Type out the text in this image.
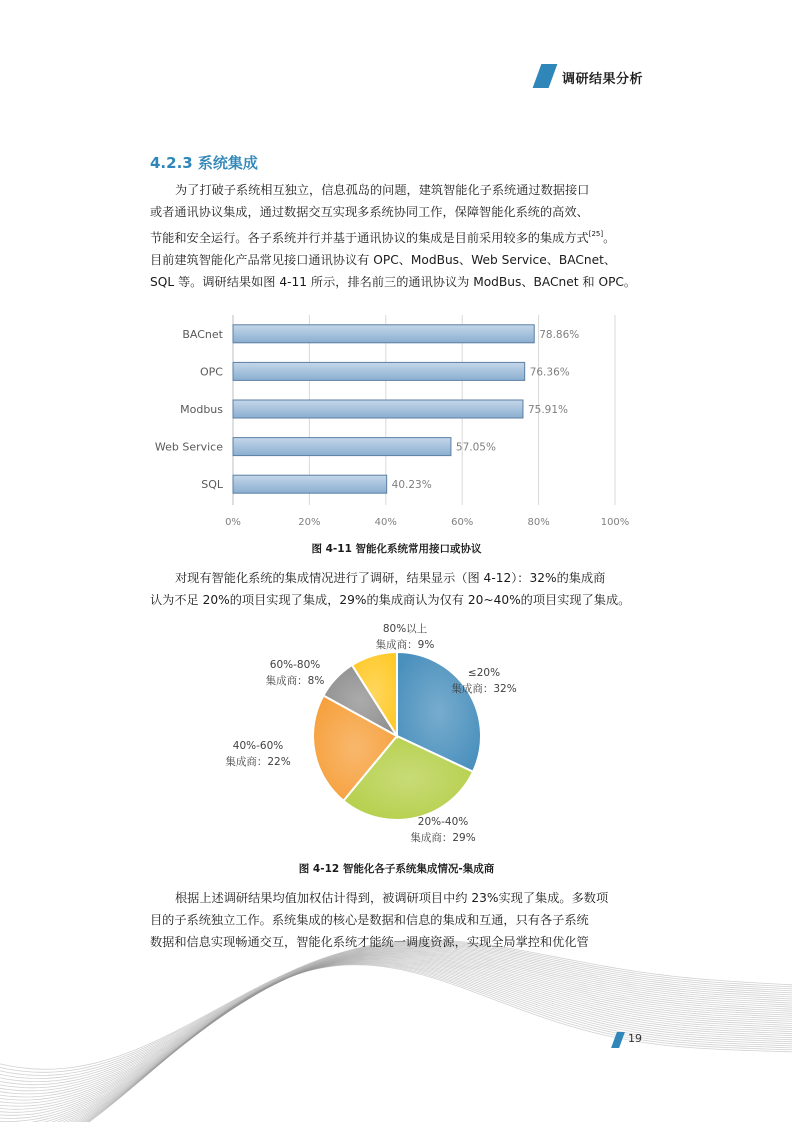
调研结果分析
4.2.3 系统集成
为了打破子系统相互独立，信息孤岛的问题，建筑智能化子系统通过数据接口
或者通讯协议集成，通过数据交互实现多系统协同工作，保障智能化系统的高效、
节能和安全运行。各子系统并行并基于通讯协议的集成是目前采用较多的集成方式[25]。
目前建筑智能化产品常见接口通讯协议有 OPC、ModBus、Web Service、BACnet、
SQL 等。调研结果如图 4-11 所示，排名前三的通讯协议为 ModBus、BACnet 和 OPC。
0%	20%	40%	60%	80%	100%
BACnet	78.86%
OPC	76.36%
Modbus	75.91%
Web Service	57.05%
SQL	40.23%
图 4-11 智能化系统常用接口或协议
对现有智能化系统的集成情况进行了调研，结果显示（图 4-12）：32%的集成商
认为不足 20%的项目实现了集成，29%的集成商认为仅有 20~40%的项目实现了集成。
≤20%
集成商：32%
20%-40%
集成商：29%
40%-60%
集成商：22%
60%-80%
集成商：8%
80%以上
集成商：9%
图 4-12 智能化各子系统集成情况-集成商
根据上述调研结果均值加权估计得到，被调研项目中约 23%实现了集成。多数项
目的子系统独立工作。系统集成的核心是数据和信息的集成和互通，只有各子系统
数据和信息实现畅通交互，智能化系统才能统一调度资源，实现全局掌控和优化管
19
